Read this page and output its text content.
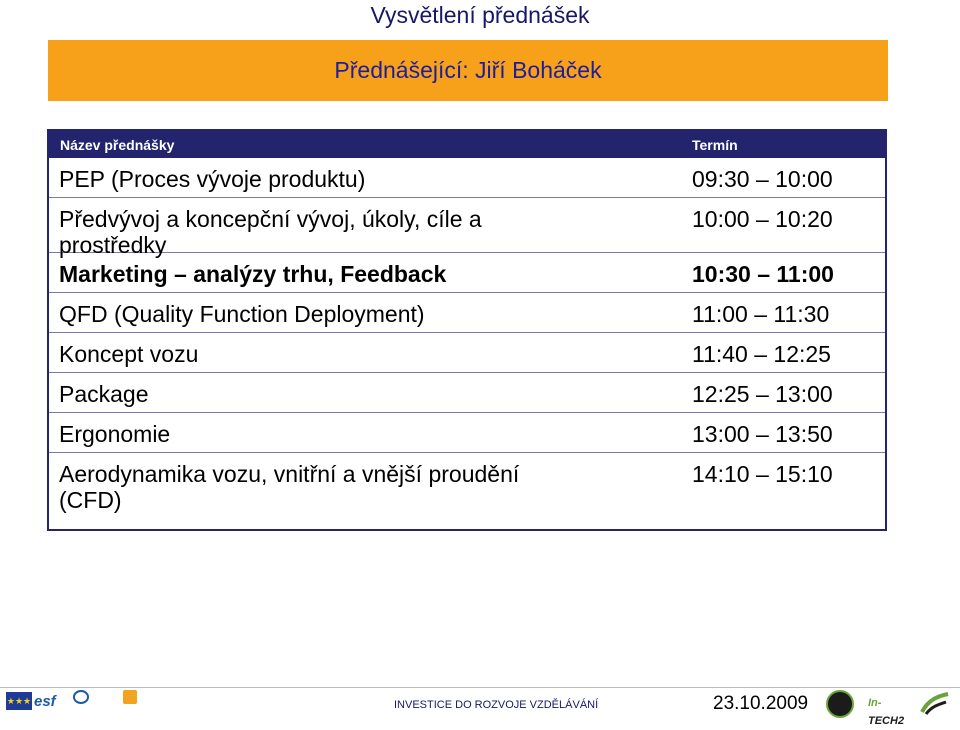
Vysvětlení přednášek
Přednášející: Jiří Boháček
Název přednášky	Termín
PEP (Proces vývoje produktu)	09:30 – 10:00
Předvývoj a koncepční vývoj, úkoly, cíle a prostředky
10:00 – 10:20
Marketing – analýzy trhu, Feedback	10:30 – 11:00
QFD (Quality Function Deployment)	11:00 – 11:30
Koncept vozu	11:40 – 12:25
Package	12:25 – 13:00
Ergonomie	13:00 – 13:50
Aerodynamika vozu, vnitřní a vnější proudění (CFD)
14:10 – 15:10
★★★ esf	INVESTICE DO ROZVOJE VZDĚLÁVÁNÍ	23.10.2009	In-TECH2
